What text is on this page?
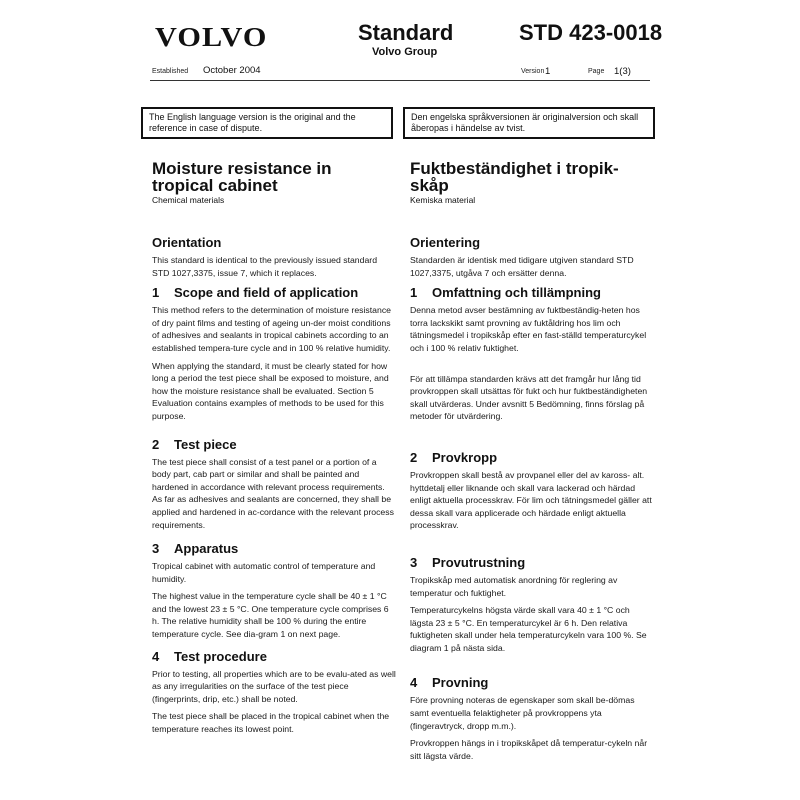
VOLVO	Standard
Volvo Group
STD 423-0018
Established October 2004	Version 1	Page 1(3)
The English language version is the original and the reference in case of dispute.
Den engelska språkversionen är originalversion och skall åberopas i händelse av tvist.
Moisture resistance in
tropical cabinet
Chemical materials
Orientation
This standard is identical to the previously issued standard STD 1027,3375, issue 7, which it replaces.
1 Scope and field of application
This method refers to the determination of moisture resistance of dry paint films and testing of ageing un-der moist conditions of adhesives and sealants in tropical cabinets according to an established tempera-ture cycle and in 100 % relative humidity.
When applying the standard, it must be clearly stated for how long a period the test piece shall be exposed to moisture, and how the moisture resistance shall be evaluated. Section 5 Evaluation contains examples of methods to be used for this purpose.
2 Test piece
The test piece shall consist of a test panel or a portion of a body part, cab part or similar and shall be painted and hardened in accordance with relevant process requirements. As far as adhesives and sealants are concerned, they shall be applied and hardened in ac-cordance with the relevant process requirements.
3 Apparatus
Tropical cabinet with automatic control of temperature and humidity.
The highest value in the temperature cycle shall be 40 ± 1 °C and the lowest 23 ± 5 °C. One temperature cycle comprises 6 h. The relative humidity shall be 100 % during the entire temperature cycle. See dia-gram 1 on next page.
4 Test procedure
Prior to testing, all properties which are to be evalu-ated as well as any irregularities on the surface of the test piece (fingerprints, drip, etc.) shall be noted.
The test piece shall be placed in the tropical cabinet when the temperature reaches its lowest point.
Fuktbeständighet i tropik-
skåp
Kemiska material
Orientering
Standarden är identisk med tidigare utgiven standard STD 1027,3375, utgåva 7 och ersätter denna.
1 Omfattning och tillämpning
Denna metod avser bestämning av fuktbeständig-heten hos torra lackskikt samt provning av fuktåldring hos lim och tätningsmedel i tropikskåp efter en fast-ställd temperaturcykel och i 100 % relativ fuktighet.
För att tillämpa standarden krävs att det framgår hur lång tid provkroppen skall utsättas för fukt och hur fuktbeständigheten skall utvärderas. Under avsnitt 5 Bedömning, finns förslag på metoder för utvärdering.
2 Provkropp
Provkroppen skall bestå av provpanel eller del av kaross- alt. hyttdetalj eller liknande och skall vara lackerad och härdad enligt aktuella processkrav. För lim och tätningsmedel gäller att dessa skall vara applicerade och härdade enligt aktuella processkrav.
3 Provutrustning
Tropikskåp med automatisk anordning för reglering av temperatur och fuktighet.
Temperaturcykelns högsta värde skall vara 40 ± 1 °C och lägsta 23 ± 5 °C. En temperaturcykel är 6 h. Den relativa fuktigheten skall under hela temperaturcykeln vara 100 %. Se diagram 1 på nästa sida.
4 Provning
Före provning noteras de egenskaper som skall be-dömas samt eventuella felaktigheter på provkroppens yta (fingeravtryck, dropp m.m.).
Provkroppen hängs in i tropikskåpet då temperatur-cykeln når sitt lägsta värde.
